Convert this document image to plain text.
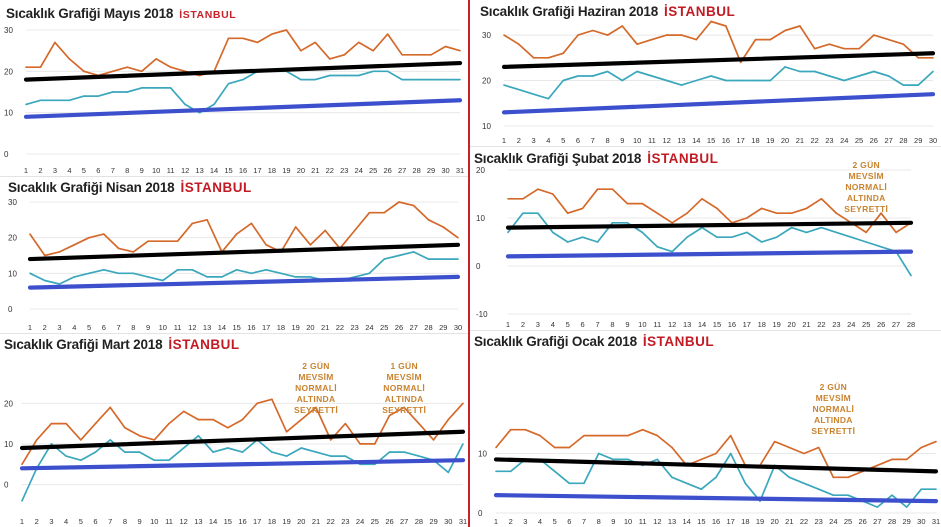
Sıcaklık Grafiği Mayıs 2018 İSTANBUL
0
10
20
30
1 2 3 4 5 6 7 8 9 10 11 12 13 14 15 16 17 18 19 20 21 22 23 24 25 26 27 28 29 30 31
Sıcaklık Grafiği Haziran 2018 İSTANBUL
10
20
30
1 2 3 4 5 6 7 8 9 10 11 12 13 14 15 16 17 18 19 20 21 22 23 24 25 26 27 28 29 30
Sıcaklık Grafiği Nisan 2018 İSTANBUL
0
10
20
30
1 2 3 4 5 6 7 8 9 10 11 12 13 14 15 16 17 18 19 20 21 22 23 24 25 26 27 28 29 30
Sıcaklık Grafiği Şubat 2018 İSTANBUL
-10
0
10
20
1 2 3 4 5 6 7 8 9 10 11 12 13 14 15 16 17 18 19 20 21 22 23 24 25 26 27 28
2 GÜN
MEVSİM
NORMALİ
ALTINDA
SEYRETTİ
Sıcaklık Grafiği Mart 2018 İSTANBUL
0
10
20
1 2 3 4 5 6 7 8 9 10 11 12 13 14 15 16 17 18 19 20 21 22 23 24 25 26 27 28 29 30 31
2 GÜN
MEVSİM
NORMALİ
ALTINDA
SEYRETTİ
1 GÜN
MEVSİM
NORMALİ
ALTINDA
SEYRETTİ
Sıcaklık Grafiği Ocak 2018 İSTANBUL
0
10
1 2 3 4 5 6 7 8 9 10 11 12 13 14 15 16 17 18 19 20 21 22 23 24 25 26 27 28 29 30 31
2 GÜN
MEVSİM
NORMALİ
ALTINDA
SEYRETTİ
